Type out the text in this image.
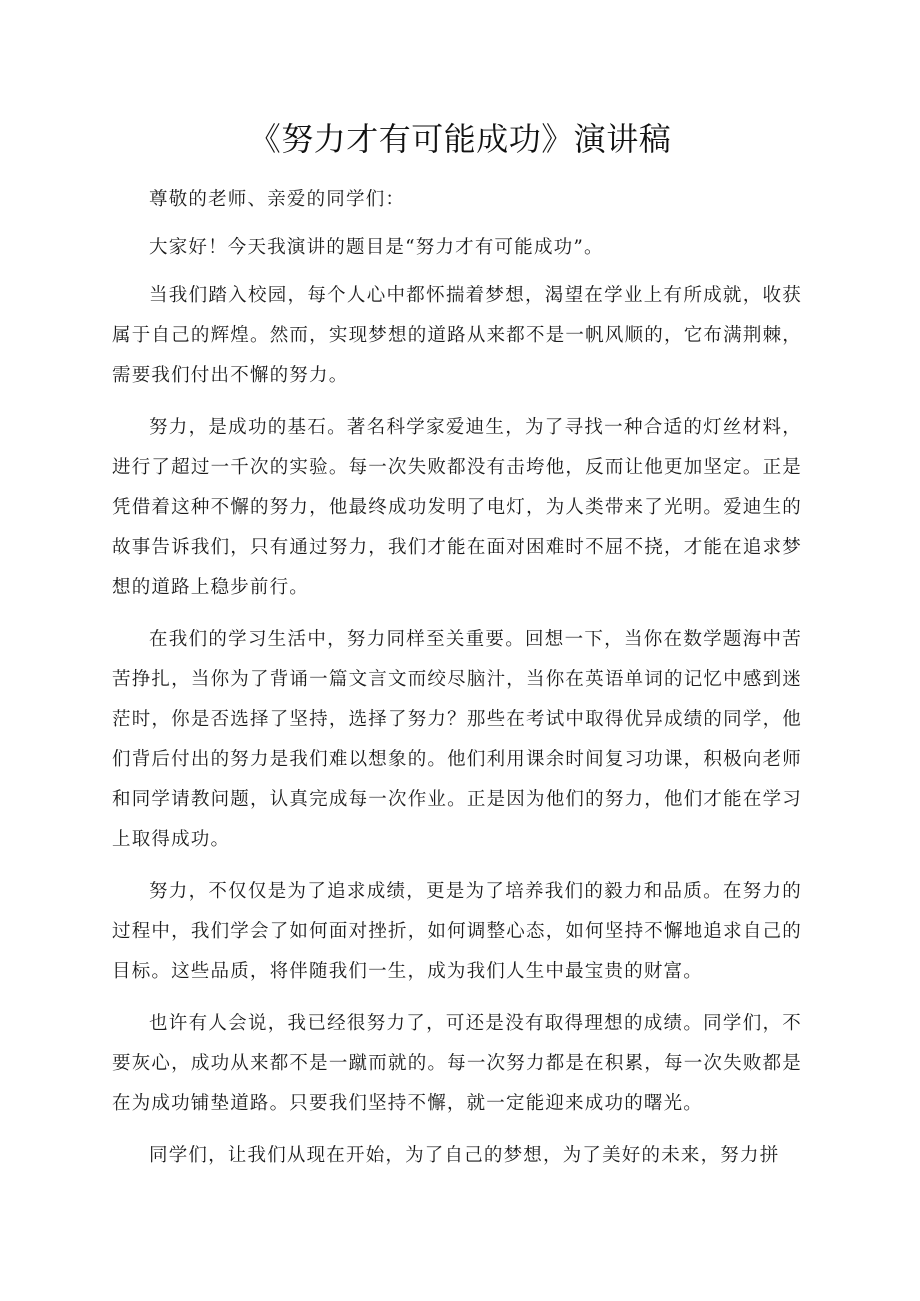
《努力才有可能成功》演讲稿

尊敬的老师、亲爱的同学们：

大家好！今天我演讲的题目是“努力才有可能成功”。

当我们踏入校园，每个人心中都怀揣着梦想，渴望在学业上有所成就，收获属于自己的辉煌。然而，实现梦想的道路从来都不是一帆风顺的，它布满荆棘，需要我们付出不懈的努力。

努力，是成功的基石。著名科学家爱迪生，为了寻找一种合适的灯丝材料，进行了超过一千次的实验。每一次失败都没有击垮他，反而让他更加坚定。正是凭借着这种不懈的努力，他最终成功发明了电灯，为人类带来了光明。爱迪生的故事告诉我们，只有通过努力，我们才能在面对困难时不屈不挠，才能在追求梦想的道路上稳步前行。

在我们的学习生活中，努力同样至关重要。回想一下，当你在数学题海中苦苦挣扎，当你为了背诵一篇文言文而绞尽脑汁，当你在英语单词的记忆中感到迷茫时，你是否选择了坚持，选择了努力？那些在考试中取得优异成绩的同学，他们背后付出的努力是我们难以想象的。他们利用课余时间复习功课，积极向老师和同学请教问题，认真完成每一次作业。正是因为他们的努力，他们才能在学习上取得成功。

努力，不仅仅是为了追求成绩，更是为了培养我们的毅力和品质。在努力的过程中，我们学会了如何面对挫折，如何调整心态，如何坚持不懈地追求自己的目标。这些品质，将伴随我们一生，成为我们人生中最宝贵的财富。

也许有人会说，我已经很努力了，可还是没有取得理想的成绩。同学们，不要灰心，成功从来都不是一蹴而就的。每一次努力都是在积累，每一次失败都是在为成功铺垫道路。只要我们坚持不懈，就一定能迎来成功的曙光。

同学们，让我们从现在开始，为了自己的梦想，为了美好的未来，努力拼
